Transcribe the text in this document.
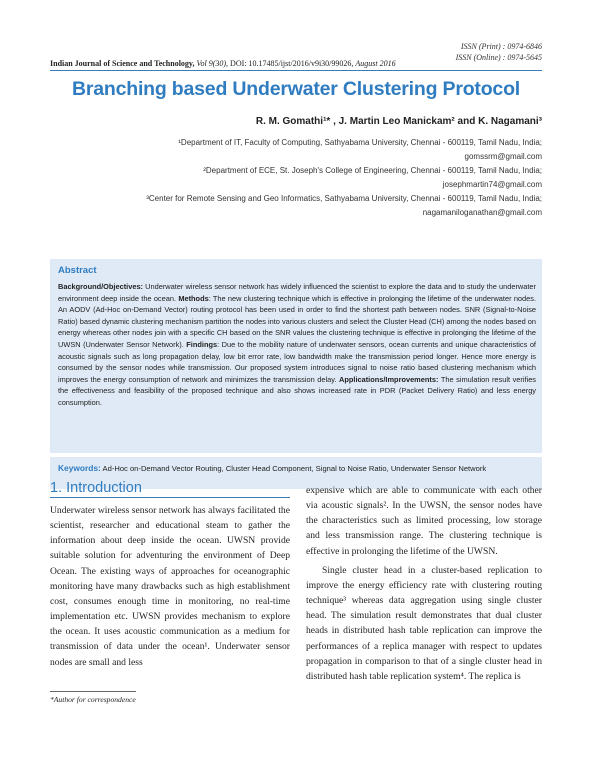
ISSN (Print) : 0974-6846
ISSN (Online) : 0974-5645
Indian Journal of Science and Technology, Vol 9(30), DOI: 10.17485/ijst/2016/v9i30/99026, August 2016
Branching based Underwater Clustering Protocol
R. M. Gomathi¹* , J. Martin Leo Manickam² and K. Nagamani³
¹Department of IT, Faculty of Computing, Sathyabama University, Chennai - 600119, Tamil Nadu, India;
gomssrm@gmail.com
²Department of ECE, St. Joseph's College of Engineering, Chennai - 600119, Tamil Nadu, India;
josephmartin74@gmail.com
³Center for Remote Sensing and Geo Informatics, Sathyabama University, Chennai - 600119, Tamil Nadu, India;
nagamaniloganathan@gmail.com
Abstract
Background/Objectives: Underwater wireless sensor network has widely influenced the scientist to explore the data and to study the underwater environment deep inside the ocean. Methods: The new clustering technique which is effective in prolonging the lifetime of the underwater nodes. An AODV (Ad-Hoc on-Demand Vector) routing protocol has been used in order to find the shortest path between nodes. SNR (Signal-to-Noise Ratio) based dynamic clustering mechanism partition the nodes into various clusters and select the Cluster Head (CH) among the nodes based on energy whereas other nodes join with a specific CH based on the SNR values the clustering technique is effective in prolonging the lifetime of the UWSN (Underwater Sensor Network). Findings: Due to the mobility nature of underwater sensors, ocean currents and unique characteristics of acoustic signals such as long propagation delay, low bit error rate, low bandwidth make the transmission period longer. Hence more energy is consumed by the sensor nodes while transmission. Our proposed system introduces signal to noise ratio based clustering mechanism which improves the energy consumption of network and minimizes the transmission delay. Applications/Improvements: The simulation result verifies the effectiveness and feasibility of the proposed technique and also shows increased rate in PDR (Packet Delivery Ratio) and less energy consumption.
Keywords: Ad-Hoc on-Demand Vector Routing, Cluster Head Component, Signal to Noise Ratio, Underwater Sensor Network
1. Introduction

Underwater wireless sensor network has always facilitated the scientist, researcher and educational steam to gather the information about deep inside the ocean. UWSN provide suitable solution for adventuring the environment of Deep Ocean. The existing ways of approaches for oceanographic monitoring have many drawbacks such as high establishment cost, consumes enough time in monitoring, no real-time implementation etc. UWSN provides mechanism to explore the ocean. It uses acoustic communication as a medium for transmission of data under the ocean¹. Underwater sensor nodes are small and less

expensive which are able to communicate with each other via acoustic signals². In the UWSN, the sensor nodes have the characteristics such as limited processing, low storage and less transmission range. The clustering technique is effective in prolonging the lifetime of the UWSN.

Single cluster head in a cluster-based replication to improve the energy efficiency rate with clustering routing technique³ whereas data aggregation using single cluster head. The simulation result demonstrates that dual cluster heads in distributed hash table replication can improve the performances of a replica manager with respect to updates propagation in comparison to that of a single cluster head in distributed hash table replication system⁴. The replica is

*Author for correspondence
